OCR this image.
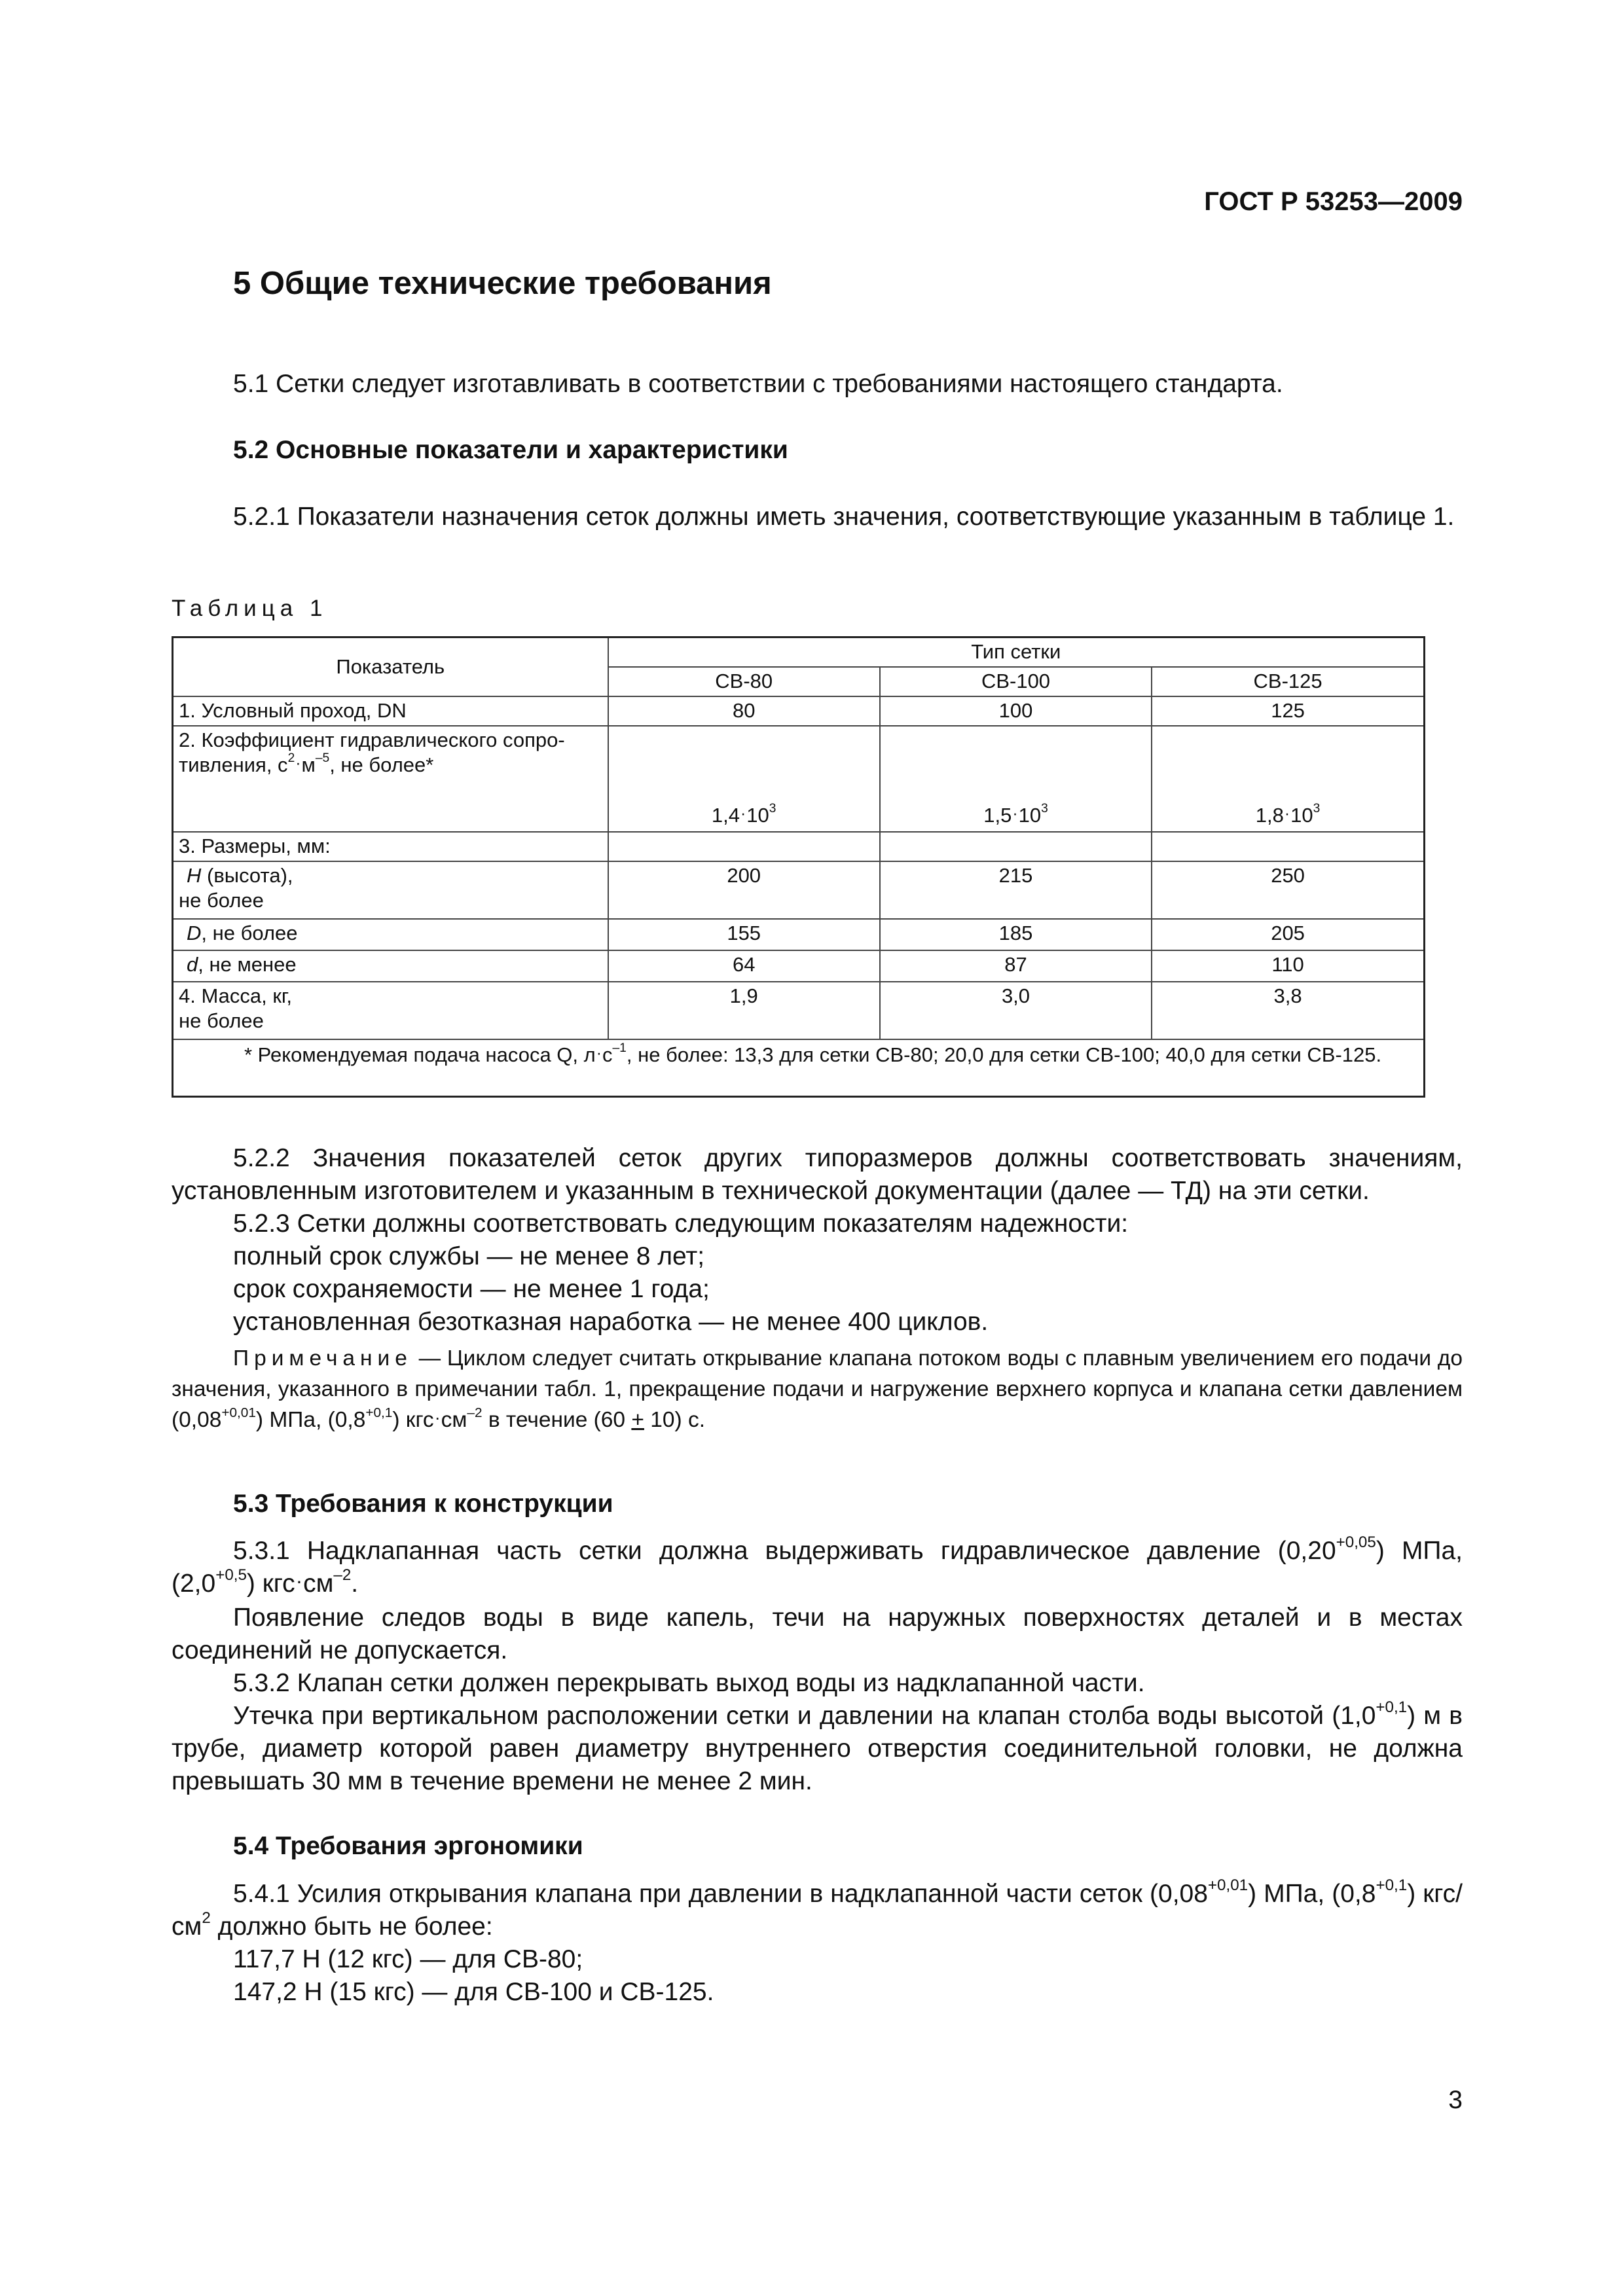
ГОСТ Р 53253—2009
5 Общие технические требования

5.1 Сетки следует изготавливать в соответствии с требованиями настоящего стандарта.

5.2 Основные показатели и характеристики

5.2.1 Показатели назначения сеток должны иметь значения, соответствующие указанным в таблице 1.

Таблица 1
Показатель	Тип сетки		
	СВ-80	СВ-100	СВ-125
1. Условный проход, DN	80	100	125
2. Коэффициент гидравлического сопро-
тивления, $с^2\cdot м^{-5}$, не более*	$1,4\cdot 10^3$	$1,5\cdot 10^3$	$1,8\cdot 10^3$
3. Размеры, мм:			
H (высота),
не более	200	215	250
D, не более	155	185	205
d, не менее	64	87	110
4. Масса, кг,
не более	1,9	3,0	3,8
* Рекомендуемая подача насоса Q, $л\cdot с^{-1}$, не более: 13,3 для сетки СВ-80; 20,0 для сетки СВ-100; 40,0 для сетки СВ-125.			

5.2.2 Значения показателей сеток других типоразмеров должны соответствовать значениям, установленным изготовителем и указанным в технической документации (далее — ТД) на эти сетки.

5.2.3 Сетки должны соответствовать следующим показателям надежности:

полный срок службы — не менее 8 лет;

срок сохраняемости — не менее 1 года;

установленная безотказная наработка — не менее 400 циклов.

Примечание — Циклом следует считать открывание клапана потоком воды с плавным увеличением его подачи до значения, указанного в примечании табл. 1, прекращение подачи и нагружение верхнего корпуса и клапана сетки давлением $(0,08^{+0,01})$ МПа, $(0,8^{+0,1})$ $кгс\cdot см^{-2}$ в течение (60 + 10) с.

5.3 Требования к конструкции

5.3.1 Надклапанная часть сетки должна выдерживать гидравлическое давление $(0,20^{+0,05})$ МПа, $(2,0^{+0,5})$ $кгс\cdot см^{-2}$.

Появление следов воды в виде капель, течи на наружных поверхностях деталей и в местах соединений не допускается.

5.3.2 Клапан сетки должен перекрывать выход воды из надклапанной части.

Утечка при вертикальном расположении сетки и давлении на клапан столба воды высотой $(1,0^{+0,1})$ м в трубе, диаметр которой равен диаметру внутреннего отверстия соединительной головки, не должна превышать 30 мм в течение времени не менее 2 мин.

5.4 Требования эргономики

5.4.1 Усилия открывания клапана при давлении в надклапанной части сеток $(0,08^{+0,01})$ МПа, $(0,8^{+0,1})$ кгс/$см^2$ должно быть не более:

117,7 Н (12 кгс) — для СВ-80;

147,2 Н (15 кгс) — для СВ-100 и СВ-125.

3
